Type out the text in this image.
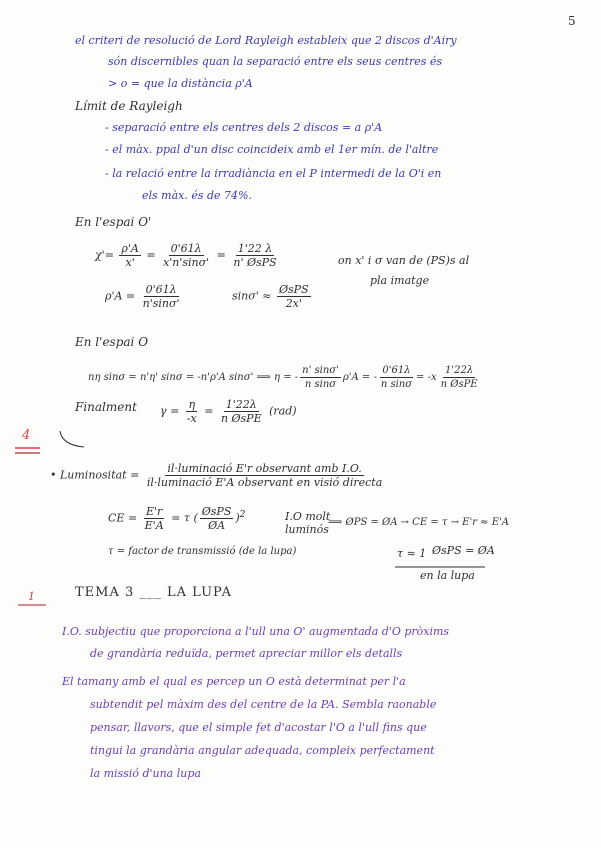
5
el criteri de resolució de Lord Rayleigh estableix que 2 discos d'Airy
són discernibles quan la separació entre els seus centres és
> o = que la distància ρ'A
Límit de Rayleigh
- separació entre els centres dels 2 discos = a ρ'A
- el màx. ppal d'un disc coincideix amb el 1er mín. de l'altre
- la relació entre la irradiància en el P intermedi de la O'i en
els màx. és de 74%.
En l'espai O'
$\chi'= \frac{\rho'A}{x'} = \frac{0'61\lambda}{x'n'\sin\sigma'} = \frac{1'22 \lambda}{\text{n' ØsPS}}$
$\rho'A = \frac{0'61\lambda}{n'\sin\sigma'}$	$\sin\sigma' \approx \frac{\text{ØsPS}}{2x'}$
on x' i σ van de (PS)s al
pla imatge
En l'espai O
nη sinσ = n'η' sinσ = -n'ρ'A sinσ' ⟹ η = - $\frac{n' \sin\sigma'}{\text{n sinσ}} \rho'A$ = - $\frac{0'61\lambda}{\text{n sinσ}} = -x \frac{1'22\lambda}{\text{n ØsPE}}$
Finalment $\gamma = \frac{\eta}{-x} = \frac{1'22\lambda}{\text{n ØsPE}} (rad)$
4
• Luminositat = $\frac{\text{il·luminació E'r observant amb I.O.}}{\text{il·luminació E'A observant en visió directa}}$
CE = $\frac{E'r}{E'A} = \tau$ ( $\frac{\text{ØsPS}}{ØA} )^2$	I.O molt
luminós
⟹ ØPS = ØA → CE = τ → E'r ≈ E'A
τ = factor de transmissió (de la lupa)	τ ≈ 1 ØsPS = ØA
en la lupa
1	TEMA 3 ___ LA LUPA
I.O. subjectiu que proporciona a l'ull una O' augmentada d'O pròxims
de grandària reduïda, permet apreciar millor els detalls
El tamany amb el qual es percep un O està determinat per l'a
subtendit pel màxim des del centre de la PA. Sembla raonable
pensar, llavors, que el simple fet d'acostar l'O a l'ull fins que
tingui la grandària angular adequada, compleix perfectament
la missió d'una lupa
